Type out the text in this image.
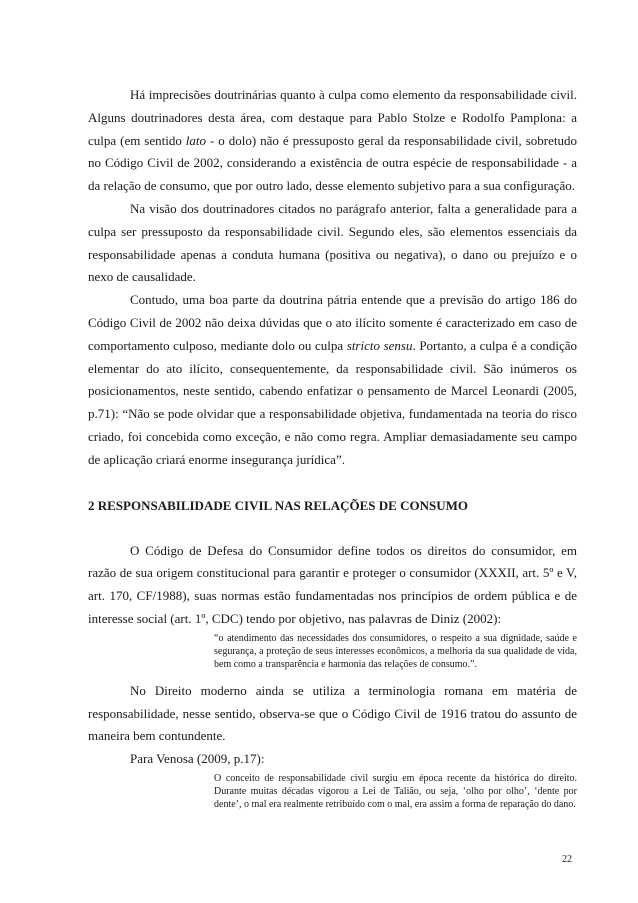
Há imprecisões doutrinárias quanto à culpa como elemento da responsabilidade civil. Alguns doutrinadores desta área, com destaque para Pablo Stolze e Rodolfo Pamplona: a culpa (em sentido lato - o dolo) não é pressuposto geral da responsabilidade civil, sobretudo no Código Civil de 2002, considerando a existência de outra espécie de responsabilidade - a da relação de consumo, que por outro lado, desse elemento subjetivo para a sua configuração.

Na visão dos doutrinadores citados no parágrafo anterior, falta a generalidade para a culpa ser pressuposto da responsabilidade civil. Segundo eles, são elementos essenciais da responsabilidade apenas a conduta humana (positiva ou negativa), o dano ou prejuízo e o nexo de causalidade.

Contudo, uma boa parte da doutrina pátria entende que a previsão do artigo 186 do Código Civil de 2002 não deixa dúvidas que o ato ilícito somente é caracterizado em caso de comportamento culposo, mediante dolo ou culpa stricto sensu. Portanto, a culpa é a condição elementar do ato ilícito, consequentemente, da responsabilidade civil. São inúmeros os posicionamentos, neste sentido, cabendo enfatizar o pensamento de Marcel Leonardi (2005, p.71): “Não se pode olvidar que a responsabilidade objetiva, fundamentada na teoria do risco criado, foi concebida como exceção, e não como regra. Ampliar demasiadamente seu campo de aplicação criará enorme insegurança jurídica”.

2 RESPONSABILIDADE CIVIL NAS RELAÇÕES DE CONSUMO

O Código de Defesa do Consumidor define todos os direitos do consumidor, em razão de sua origem constitucional para garantir e proteger o consumidor (XXXII, art. 5º e V, art. 170, CF/1988), suas normas estão fundamentadas nos princípios de ordem pública e de interesse social (art. 1º, CDC) tendo por objetivo, nas palavras de Diniz (2002):

“o atendimento das necessidades dos consumidores, o respeito a sua dignidade, saúde e segurança, a proteção de seus interesses econômicos, a melhoria da sua qualidade de vida, bem como a transparência e harmonia das relações de consumo.”.

No Direito moderno ainda se utiliza a terminologia romana em matéria de responsabilidade, nesse sentido, observa-se que o Código Civil de 1916 tratou do assunto de maneira bem contundente.

Para Venosa (2009, p.17):

O conceito de responsabilidade civil surgiu em época recente da histórica do direito. Durante muitas décadas vigorou a Lei de Talião, ou seja, ‘olho por olho’, ‘dente por dente’, o mal era realmente retribuído com o mal, era assim a forma de reparação do dano.

22
